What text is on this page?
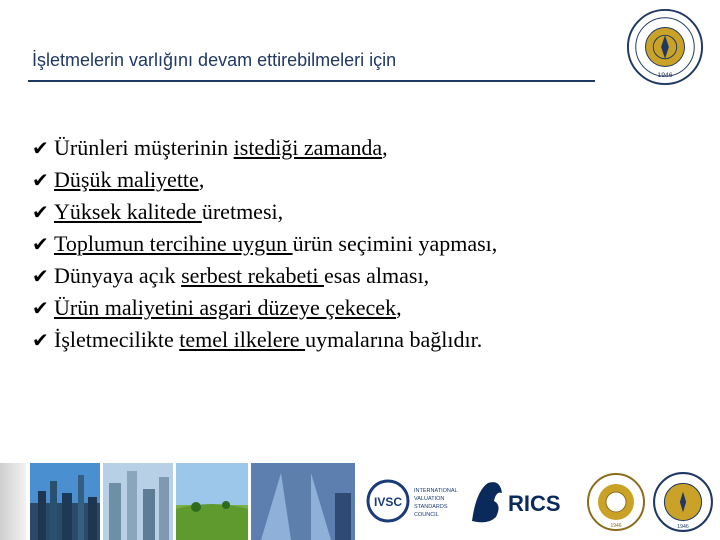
İşletmelerin varlığını devam ettirebilmeleri için
1946
✔ Ürünleri müşterinin istediği zamanda,
✔ Düşük maliyette,
✔ Yüksek kalitede üretmesi,
✔ Toplumun tercihine uygun ürün seçimini yapması,
✔ Dünyaya açık serbest rekabeti esas alması,
✔ Ürün maliyetini asgari düzeye çekecek,
✔ İşletmecilikte temel ilkelere uymalarına bağlıdır.
IVSC
INTERNATIONAL
VALUATION
STANDARDS
COUNCIL	RICS
1946	1946
